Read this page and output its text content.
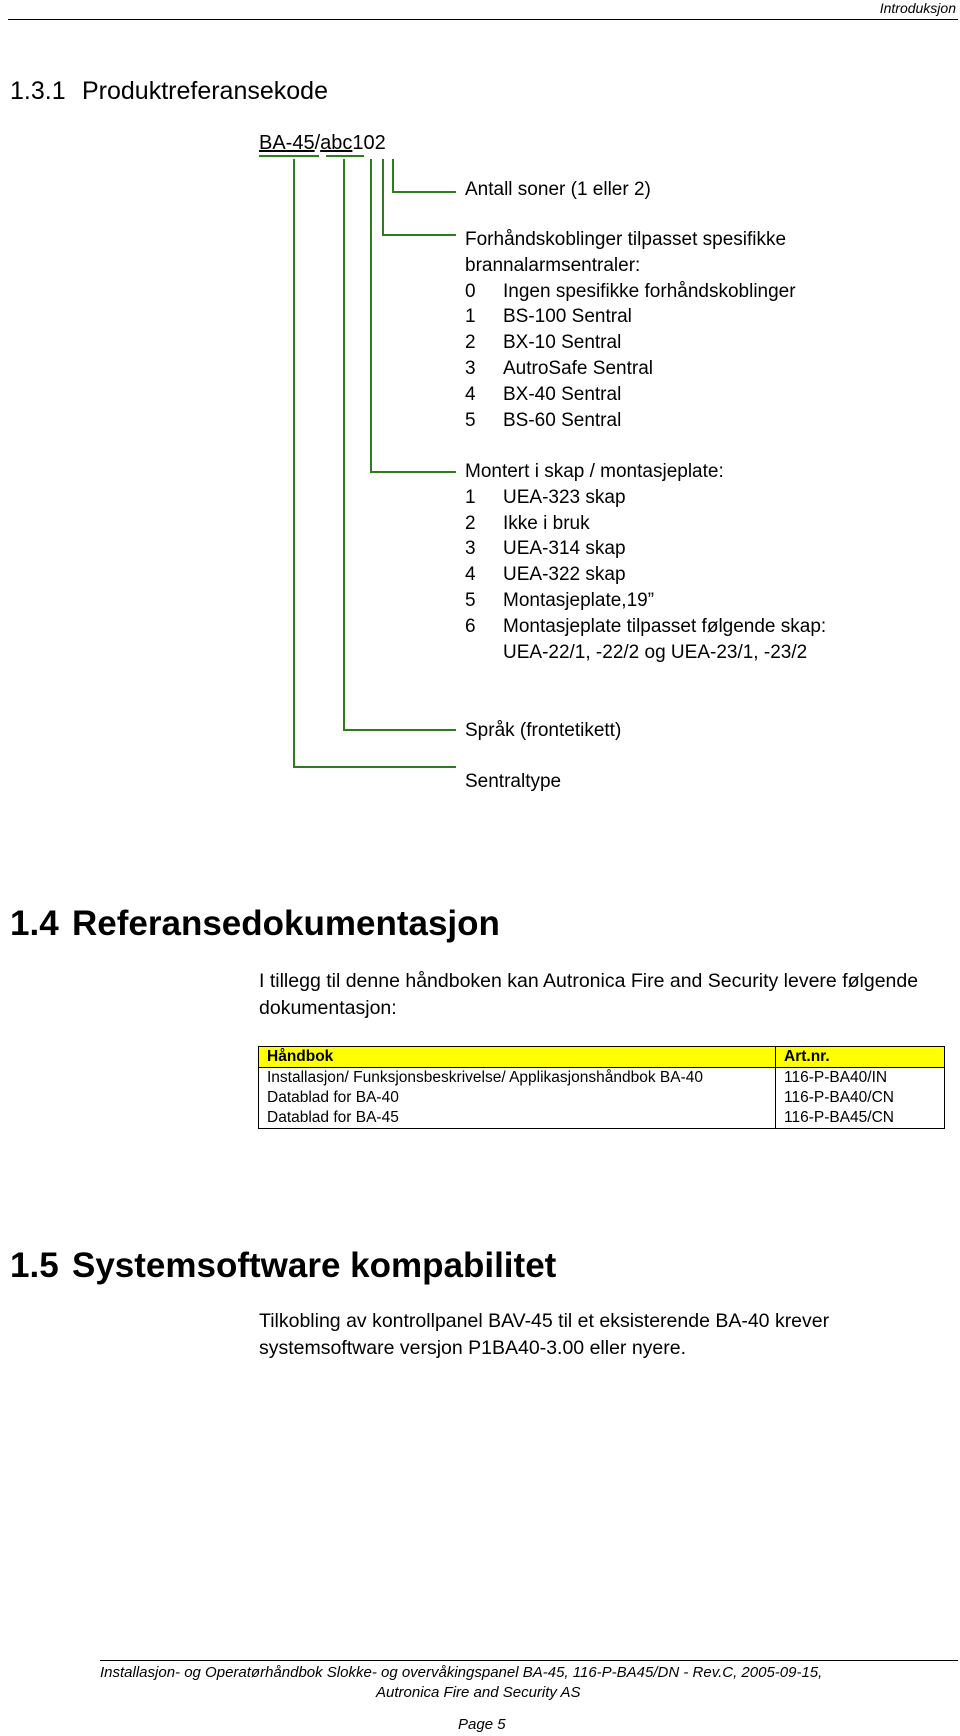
Introduksjon
1.3.1 Produktreferansekode
BA-45/abc102
Antall soner (1 eller 2)
Forhåndskoblinger tilpasset spesifikke
brannalarmsentraler:
0	Ingen spesifikke forhåndskoblinger
1	BS-100 Sentral
2	BX-10 Sentral
3	AutroSafe Sentral
4	BX-40 Sentral
5	BS-60 Sentral
Montert i skap / montasjeplate:
1	UEA-323 skap
2	Ikke i bruk
3	UEA-314 skap
4	UEA-322 skap
5	Montasjeplate,19”
6	Montasjeplate tilpasset følgende skap:
UEA-22/1, -22/2 og UEA-23/1, -23/2
Språk (frontetikett)
Sentraltype
1.4 Referansedokumentasjon
I tillegg til denne håndboken kan Autronica Fire and Security levere følgende dokumentasjon:
Håndbok	Art.nr.
Installasjon/ Funksjonsbeskrivelse/ Applikasjonshåndbok BA-40	116-P-BA40/IN
Datablad for BA-40	116-P-BA40/CN
Datablad for BA-45	116-P-BA45/CN
1.5 Systemsoftware kompabilitet
Tilkobling av kontrollpanel BAV-45 til et eksisterende BA-40 krever systemsoftware versjon P1BA40-3.00 eller nyere.
Installasjon- og Operatørhåndbok Slokke- og overvåkingspanel BA-45, 116-P-BA45/DN - Rev.C, 2005-09-15,
Autronica Fire and Security AS
Page 5
